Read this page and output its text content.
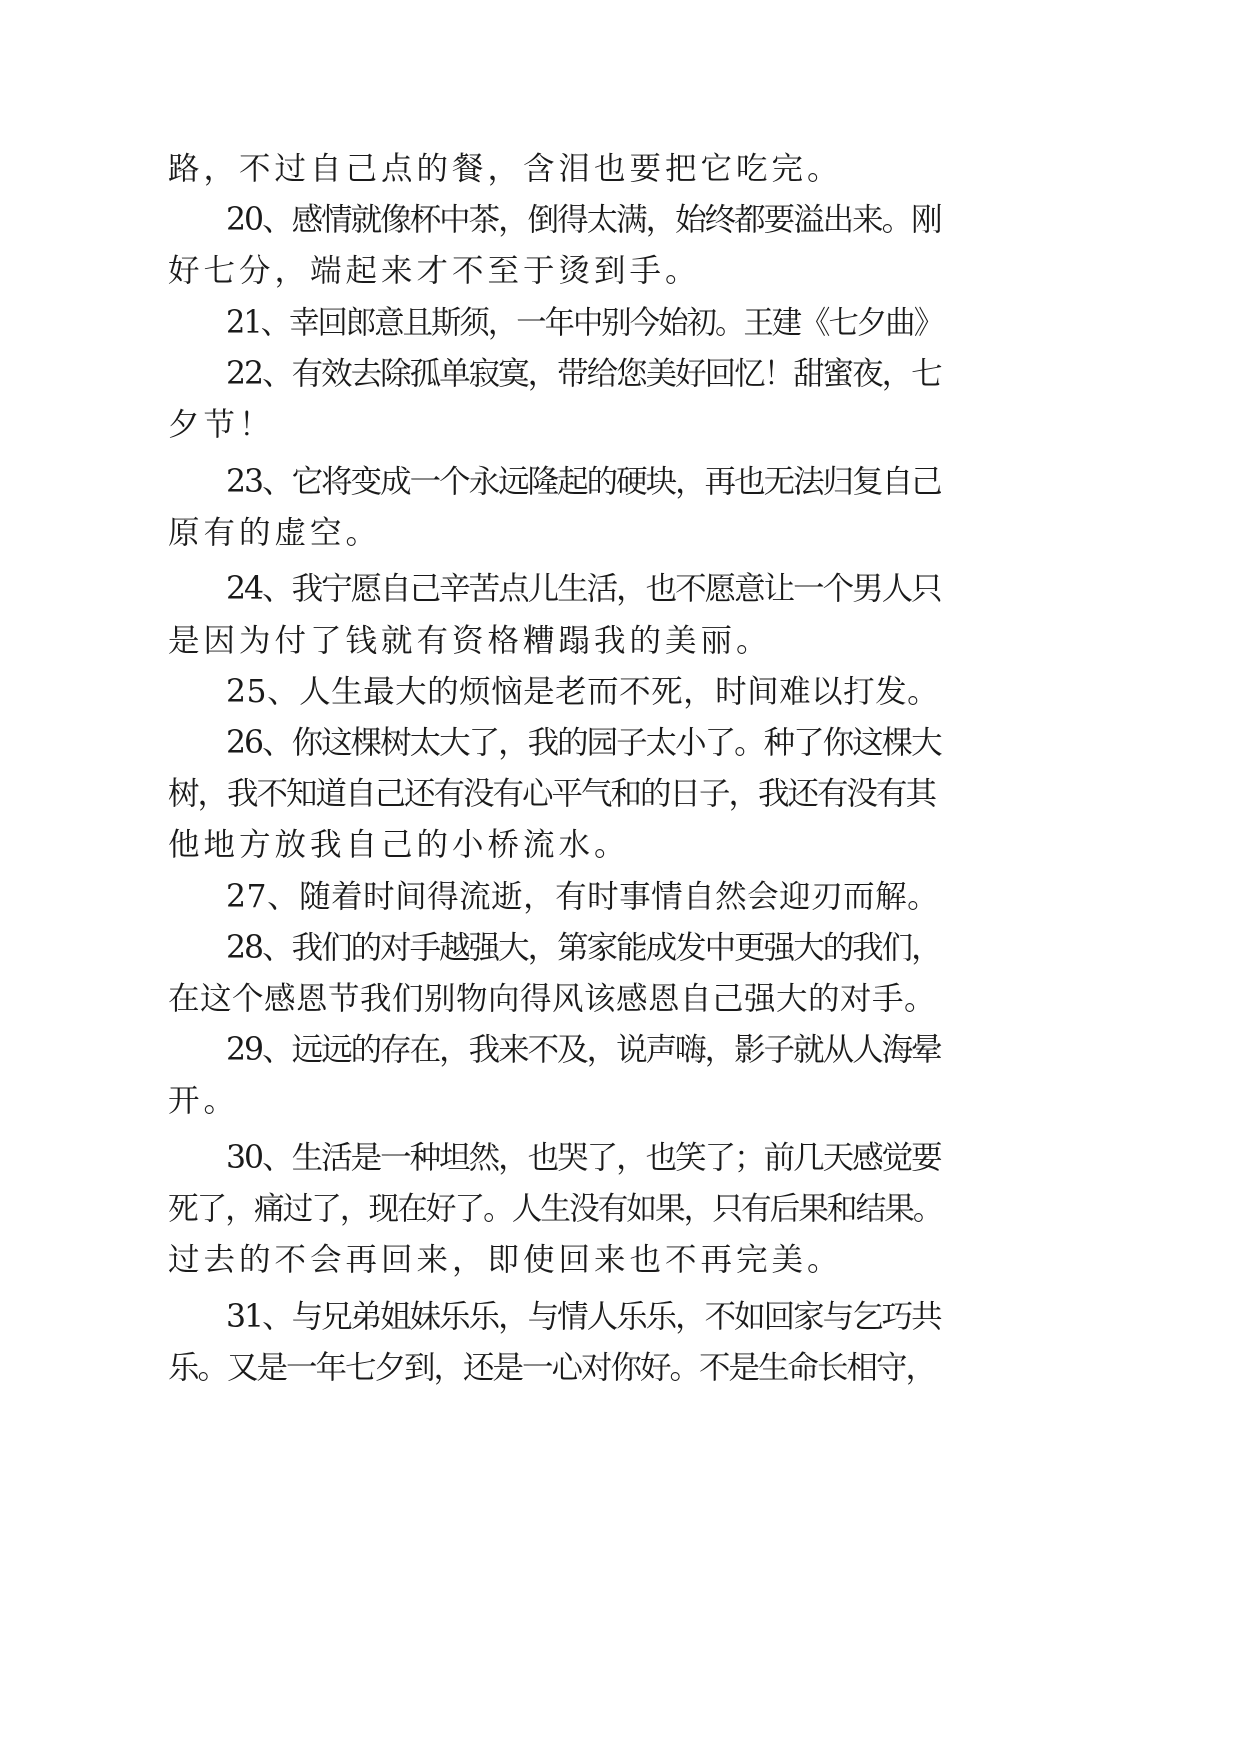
路，不过自己点的餐，含泪也要把它吃完。
20、感情就像杯中茶，倒得太满，始终都要溢出来。刚
好七分，端起来才不至于烫到手。
21、幸回郎意且斯须，一年中别今始初。王建《七夕曲》
22、有效去除孤单寂寞，带给您美好回忆！甜蜜夜，七
夕节！
23、它将变成一个永远隆起的硬块，再也无法归复自己
原有的虚空。
24、我宁愿自己辛苦点儿生活，也不愿意让一个男人只
是因为付了钱就有资格糟蹋我的美丽。
25、人生最大的烦恼是老而不死，时间难以打发。
26、你这棵树太大了，我的园子太小了。种了你这棵大
树，我不知道自己还有没有心平气和的日子，我还有没有其
他地方放我自己的小桥流水。
27、随着时间得流逝，有时事情自然会迎刃而解。
28、我们的对手越强大，第家能成发中更强大的我们，
在这个感恩节我们别物向得风该感恩自己强大的对手。
29、远远的存在，我来不及，说声嗨，影子就从人海晕
开。
30、生活是一种坦然，也哭了，也笑了；前几天感觉要
死了，痛过了，现在好了。人生没有如果，只有后果和结果。
过去的不会再回来，即使回来也不再完美。
31、与兄弟姐妹乐乐，与情人乐乐，不如回家与乞巧共
乐。又是一年七夕到，还是一心对你好。不是生命长相守，
